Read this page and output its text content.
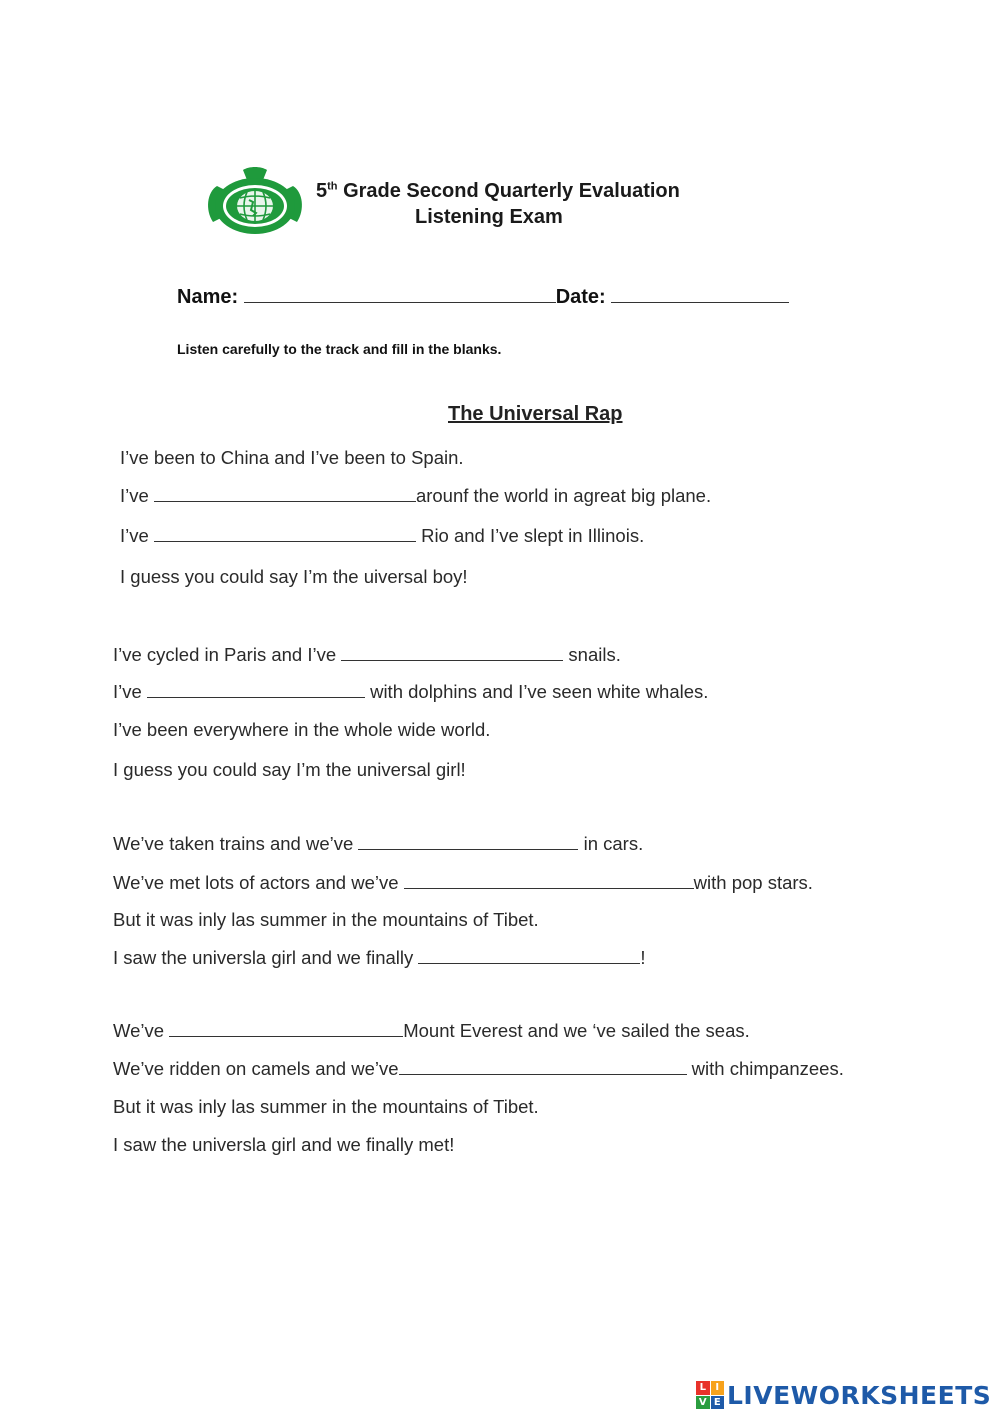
5th Grade Second Quarterly Evaluation
Listening Exam
Name:	Date:
Listen carefully to the track and fill in the blanks.
The Universal Rap
I’ve been to China and I’ve been to Spain.
I’ve	arounf the world in agreat big plane.
I’ve	Rio and I’ve slept in Illinois.
I guess you could say I’m the uiversal boy!
I’ve cycled in Paris and I’ve	snails.
I’ve	with dolphins and I’ve seen white whales.
I’ve been everywhere in the whole wide world.
I guess you could say I’m the universal girl!
We’ve taken trains and we’ve	in cars.
We’ve met lots of actors and we’ve	with pop stars.
But it was inly las summer in the mountains of Tibet.
I saw the universla girl and we finally	!
We’ve	Mount Everest and we ‘ve sailed the seas.
We’ve ridden on camels and we’ve	with chimpanzees.
But it was inly las summer in the mountains of Tibet.
I saw the universla girl and we finally met!
L I
V E LIVEWORKSHEETS
